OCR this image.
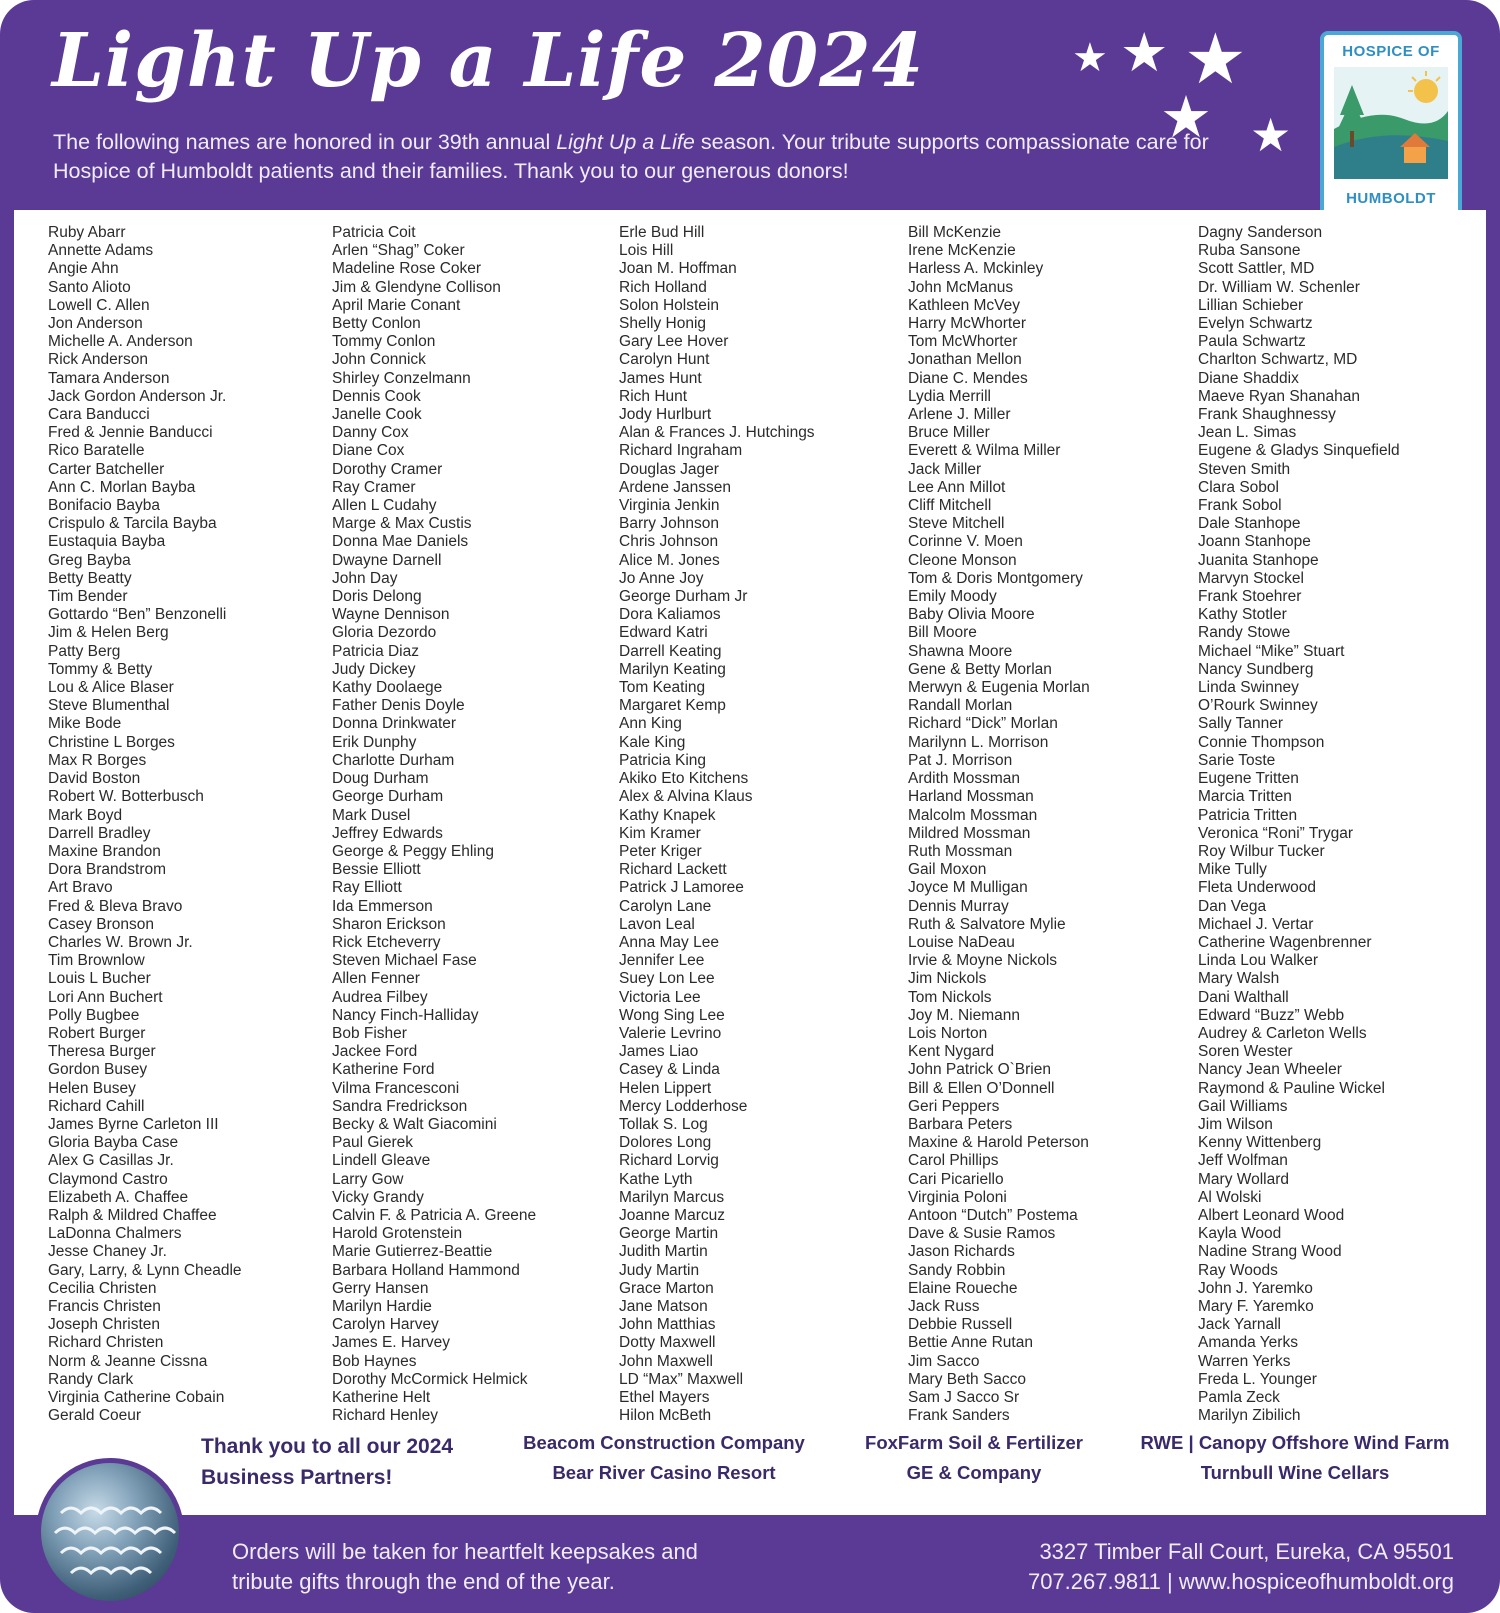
Light Up a Life 2024
The following names are honored in our 39th annual Light Up a Life season. Your tribute supports compassionate care for Hospice of Humboldt patients and their families. Thank you to our generous donors!
★ ★ ★
★ ★
HOSPICE OF
HUMBOLDT
Ruby Abarr
Annette Adams
Angie Ahn
Santo Alioto
Lowell C. Allen
Jon Anderson
Michelle A. Anderson
Rick Anderson
Tamara Anderson
Jack Gordon Anderson Jr.
Cara Banducci
Fred & Jennie Banducci
Rico Baratelle
Carter Batcheller
Ann C. Morlan Bayba
Bonifacio Bayba
Crispulo & Tarcila Bayba
Eustaquia Bayba
Greg Bayba
Betty Beatty
Tim Bender
Gottardo “Ben” Benzonelli
Jim & Helen Berg
Patty Berg
Tommy & Betty
Lou & Alice Blaser
Steve Blumenthal
Mike Bode
Christine L Borges
Max R Borges
David Boston
Robert W. Botterbusch
Mark Boyd
Darrell Bradley
Maxine Brandon
Dora Brandstrom
Art Bravo
Fred & Bleva Bravo
Casey Bronson
Charles W. Brown Jr.
Tim Brownlow
Louis L Bucher
Lori Ann Buchert
Polly Bugbee
Robert Burger
Theresa Burger
Gordon Busey
Helen Busey
Richard Cahill
James Byrne Carleton III
Gloria Bayba Case
Alex G Casillas Jr.
Claymond Castro
Elizabeth A. Chaffee
Ralph & Mildred Chaffee
LaDonna Chalmers
Jesse Chaney Jr.
Gary, Larry, & Lynn Cheadle
Cecilia Christen
Francis Christen
Joseph Christen
Richard Christen
Norm & Jeanne Cissna
Randy Clark
Virginia Catherine Cobain
Gerald Coeur
Patricia Coit
Arlen “Shag” Coker
Madeline Rose Coker
Jim & Glendyne Collison
April Marie Conant
Betty Conlon
Tommy Conlon
John Connick
Shirley Conzelmann
Dennis Cook
Janelle Cook
Danny Cox
Diane Cox
Dorothy Cramer
Ray Cramer
Allen L Cudahy
Marge & Max Custis
Donna Mae Daniels
Dwayne Darnell
John Day
Doris Delong
Wayne Dennison
Gloria Dezordo
Patricia Diaz
Judy Dickey
Kathy Doolaege
Father Denis Doyle
Donna Drinkwater
Erik Dunphy
Charlotte Durham
Doug Durham
George Durham
Mark Dusel
Jeffrey Edwards
George & Peggy Ehling
Bessie Elliott
Ray Elliott
Ida Emmerson
Sharon Erickson
Rick Etcheverry
Steven Michael Fase
Allen Fenner
Audrea Filbey
Nancy Finch-Halliday
Bob Fisher
Jackee Ford
Katherine Ford
Vilma Francesconi
Sandra Fredrickson
Becky & Walt Giacomini
Paul Gierek
Lindell Gleave
Larry Gow
Vicky Grandy
Calvin F. & Patricia A. Greene
Harold Grotenstein
Marie Gutierrez-Beattie
Barbara Holland Hammond
Gerry Hansen
Marilyn Hardie
Carolyn Harvey
James E. Harvey
Bob Haynes
Dorothy McCormick Helmick
Katherine Helt
Richard Henley
Erle Bud Hill
Lois Hill
Joan M. Hoffman
Rich Holland
Solon Holstein
Shelly Honig
Gary Lee Hover
Carolyn Hunt
James Hunt
Rich Hunt
Jody Hurlburt
Alan & Frances J. Hutchings
Richard Ingraham
Douglas Jager
Ardene Janssen
Virginia Jenkin
Barry Johnson
Chris Johnson
Alice M. Jones
Jo Anne Joy
George Durham Jr
Dora Kaliamos
Edward Katri
Darrell Keating
Marilyn Keating
Tom Keating
Margaret Kemp
Ann King
Kale King
Patricia King
Akiko Eto Kitchens
Alex & Alvina Klaus
Kathy Knapek
Kim Kramer
Peter Kriger
Richard Lackett
Patrick J Lamoree
Carolyn Lane
Lavon Leal
Anna May Lee
Jennifer Lee
Suey Lon Lee
Victoria Lee
Wong Sing Lee
Valerie Levrino
James Liao
Casey & Linda
Helen Lippert
Mercy Lodderhose
Tollak S. Log
Dolores Long
Richard Lorvig
Kathe Lyth
Marilyn Marcus
Joanne Marcuz
George Martin
Judith Martin
Judy Martin
Grace Marton
Jane Matson
John Matthias
Dotty Maxwell
John Maxwell
LD “Max” Maxwell
Ethel Mayers
Hilon McBeth
Bill McKenzie
Irene McKenzie
Harless A. Mckinley
John McManus
Kathleen McVey
Harry McWhorter
Tom McWhorter
Jonathan Mellon
Diane C. Mendes
Lydia Merrill
Arlene J. Miller
Bruce Miller
Everett & Wilma Miller
Jack Miller
Lee Ann Millot
Cliff Mitchell
Steve Mitchell
Corinne V. Moen
Cleone Monson
Tom & Doris Montgomery
Emily Moody
Baby Olivia Moore
Bill Moore
Shawna Moore
Gene & Betty Morlan
Merwyn & Eugenia Morlan
Randall Morlan
Richard “Dick” Morlan
Marilynn L. Morrison
Pat J. Morrison
Ardith Mossman
Harland Mossman
Malcolm Mossman
Mildred Mossman
Ruth Mossman
Gail Moxon
Joyce M Mulligan
Dennis Murray
Ruth & Salvatore Mylie
Louise NaDeau
Irvie & Moyne Nickols
Jim Nickols
Tom Nickols
Joy M. Niemann
Lois Norton
Kent Nygard
John Patrick O`Brien
Bill & Ellen O’Donnell
Geri Peppers
Barbara Peters
Maxine & Harold Peterson
Carol Phillips
Cari Picariello
Virginia Poloni
Antoon “Dutch” Postema
Dave & Susie Ramos
Jason Richards
Sandy Robbin
Elaine Roueche
Jack Russ
Debbie Russell
Bettie Anne Rutan
Jim Sacco
Mary Beth Sacco
Sam J Sacco Sr
Frank Sanders
Dagny Sanderson
Ruba Sansone
Scott Sattler, MD
Dr. William W. Schenler
Lillian Schieber
Evelyn Schwartz
Paula Schwartz
Charlton Schwartz, MD
Diane Shaddix
Maeve Ryan Shanahan
Frank Shaughnessy
Jean L. Simas
Eugene & Gladys Sinquefield
Steven Smith
Clara Sobol
Frank Sobol
Dale Stanhope
Joann Stanhope
Juanita Stanhope
Marvyn Stockel
Frank Stoehrer
Kathy Stotler
Randy Stowe
Michael “Mike” Stuart
Nancy Sundberg
Linda Swinney
O’Rourk Swinney
Sally Tanner
Connie Thompson
Sarie Toste
Eugene Tritten
Marcia Tritten
Patricia Tritten
Veronica “Roni” Trygar
Roy Wilbur Tucker
Mike Tully
Fleta Underwood
Dan Vega
Michael J. Vertar
Catherine Wagenbrenner
Linda Lou Walker
Mary Walsh
Dani Walthall
Edward “Buzz” Webb
Audrey & Carleton Wells
Soren Wester
Nancy Jean Wheeler
Raymond & Pauline Wickel
Gail Williams
Jim Wilson
Kenny Wittenberg
Jeff Wolfman
Mary Wollard
Al Wolski
Albert Leonard Wood
Kayla Wood
Nadine Strang Wood
Ray Woods
John J. Yaremko
Mary F. Yaremko
Jack Yarnall
Amanda Yerks
Warren Yerks
Freda L. Younger
Pamla Zeck
Marilyn Zibilich
Thank you to all our 2024
Business Partners!
Beacom Construction Company
Bear River Casino Resort
FoxFarm Soil & Fertilizer
GE & Company
RWE | Canopy Offshore Wind Farm
Turnbull Wine Cellars
Orders will be taken for heartfelt keepsakes and
tribute gifts through the end of the year.
3327 Timber Fall Court, Eureka, CA 95501
707.267.9811 | www.hospiceofhumboldt.org
